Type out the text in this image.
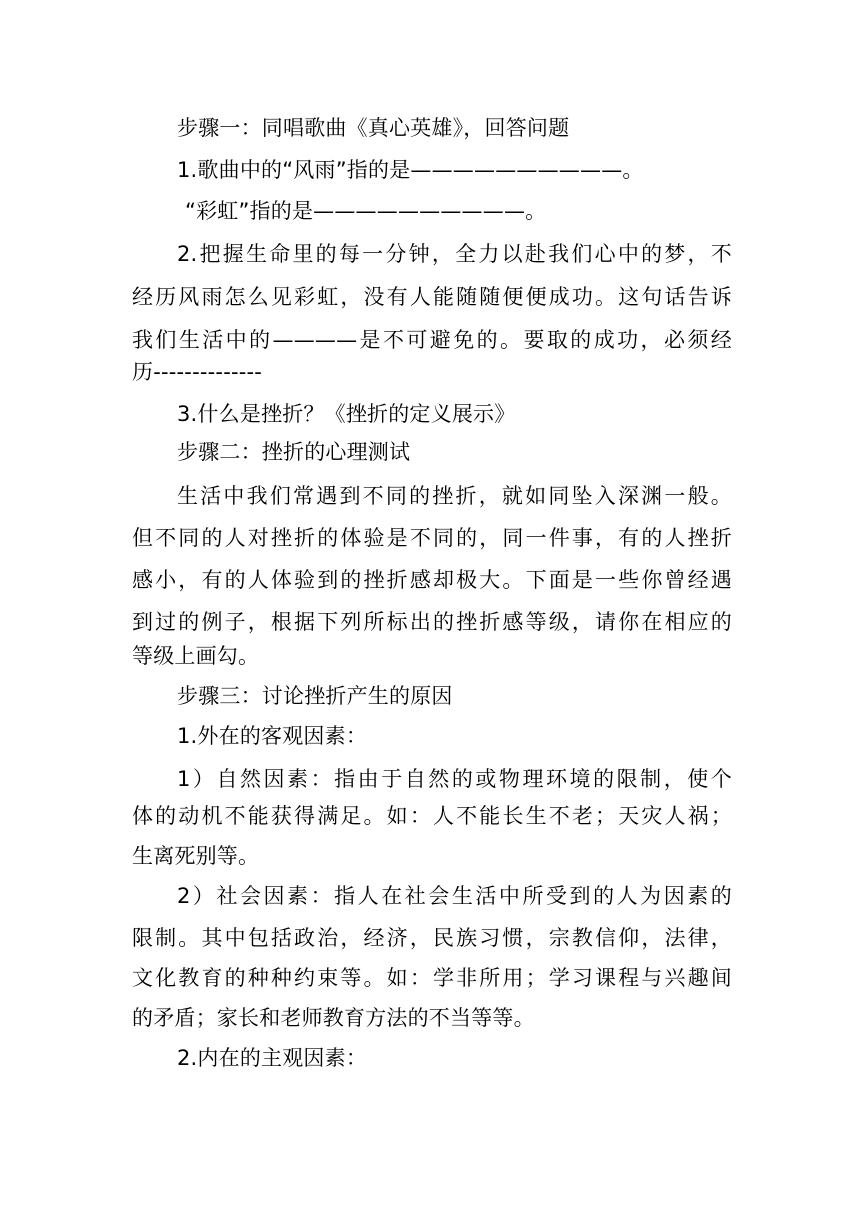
步骤一：同唱歌曲《真心英雄》，回答问题
1.歌曲中的“风雨”指的是——————————。
“彩虹”指的是——————————。
2.把握生命里的每一分钟，全力以赴我们心中的梦，不
经历风雨怎么见彩虹，没有人能随随便便成功。这句话告诉
我们生活中的————是不可避免的。要取的成功，必须经
历--------------
3.什么是挫折？《挫折的定义展示》
步骤二：挫折的心理测试
生活中我们常遇到不同的挫折，就如同坠入深渊一般。
但不同的人对挫折的体验是不同的，同一件事，有的人挫折
感小，有的人体验到的挫折感却极大。下面是一些你曾经遇
到过的例子，根据下列所标出的挫折感等级，请你在相应的
等级上画勾。
步骤三：讨论挫折产生的原因
1.外在的客观因素：
1）自然因素：指由于自然的或物理环境的限制，使个
体的动机不能获得满足。如：人不能长生不老；天灾人祸；
生离死别等。
2）社会因素：指人在社会生活中所受到的人为因素的
限制。其中包括政治，经济，民族习惯，宗教信仰，法律，
文化教育的种种约束等。如：学非所用；学习课程与兴趣间
的矛盾；家长和老师教育方法的不当等等。
2.内在的主观因素：
